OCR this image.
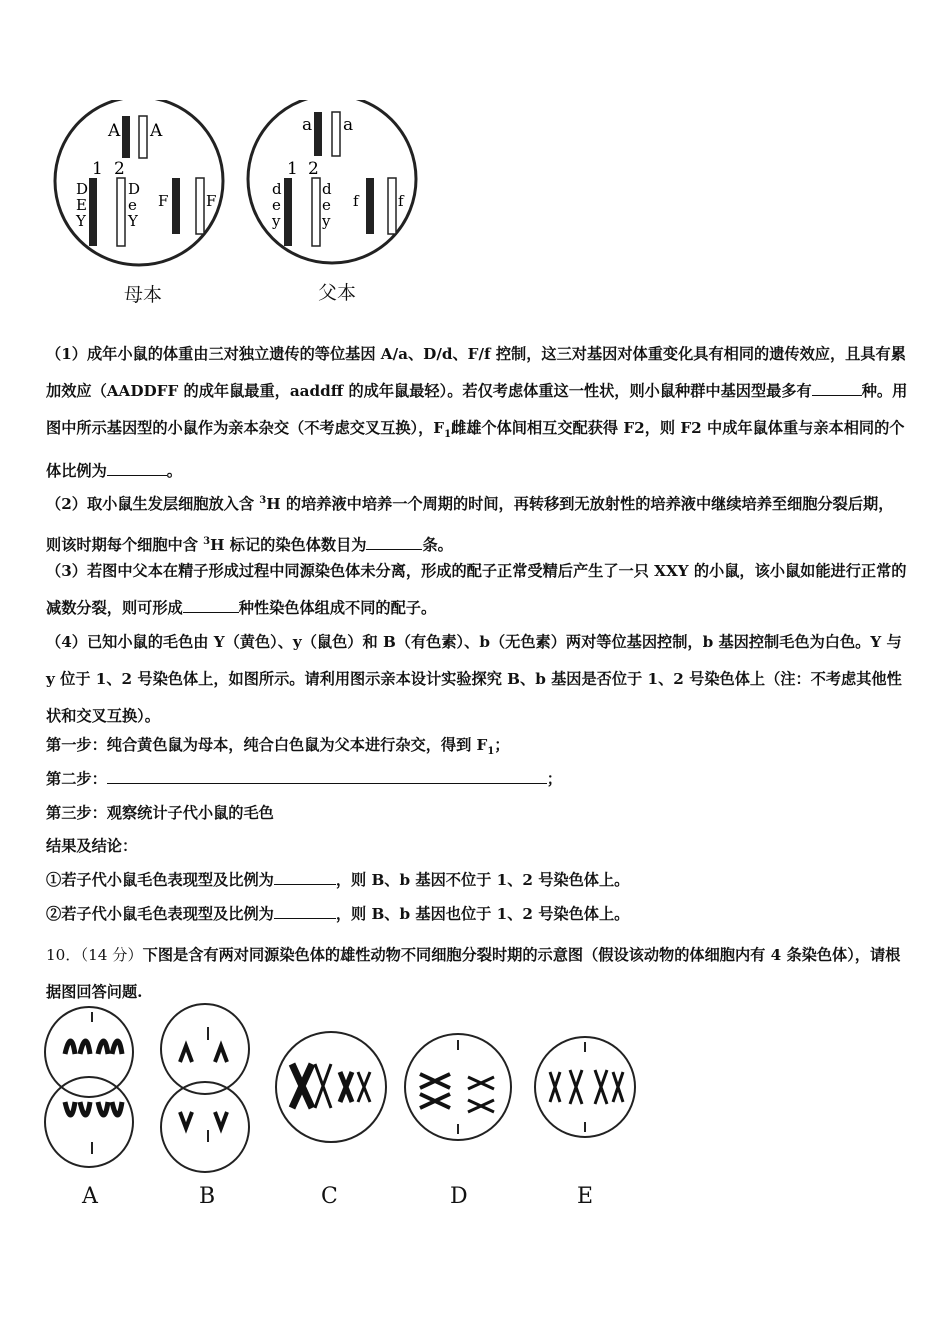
A A
1 2
D
E
Y
D
e
Y
F	F
a a
1 2
d
e
y
d
e
y
f	f
母本	父本
（1）成年小鼠的体重由三对独立遗传的等位基因 A/a、D/d、F/f 控制，这三对基因对体重变化具有相同的遗传效应，且具有累加效应（AADDFF 的成年鼠最重，aaddff 的成年鼠最轻）。若仅考虑体重这一性状，则小鼠种群中基因型最多有	种。用图中所示基因型的小鼠作为亲本杂交（不考虑交叉互换），$F_1$雌雄个体间相互交配获得 F2，则 F2 中成年鼠体重与亲本相同的个体比例为	。
（2）取小鼠生发层细胞放入含 $^3$H 的培养液中培养一个周期的时间，再转移到无放射性的培养液中继续培养至细胞分裂后期，则该时期每个细胞中含 $^3$H 标记的染色体数目为	条。
（3）若图中父本在精子形成过程中同源染色体未分离，形成的配子正常受精后产生了一只 XXY 的小鼠，该小鼠如能进行正常的减数分裂，则可形成	种性染色体组成不同的配子。
（4）已知小鼠的毛色由 Y（黄色）、y（鼠色）和 B（有色素）、b（无色素）两对等位基因控制，b 基因控制毛色为白色。Y 与 y 位于 1、2 号染色体上，如图所示。请利用图示亲本设计实验探究 B、b 基因是否位于 1、2 号染色体上（注：不考虑其他性状和交叉互换）。
第一步：纯合黄色鼠为母本，纯合白色鼠为父本进行杂交，得到 $F_1$；
第二步：	；
第三步：观察统计子代小鼠的毛色
结果及结论：
①若子代小鼠毛色表现型及比例为	，则 B、b 基因不位于 1、2 号染色体上。
②若子代小鼠毛色表现型及比例为	，则 B、b 基因也位于 1、2 号染色体上。
10．（14 分）下图是含有两对同源染色体的雄性动物不同细胞分裂时期的示意图（假设该动物的体细胞内有 4 条染色体），请根据图回答问题.
A	B	C	D	E
